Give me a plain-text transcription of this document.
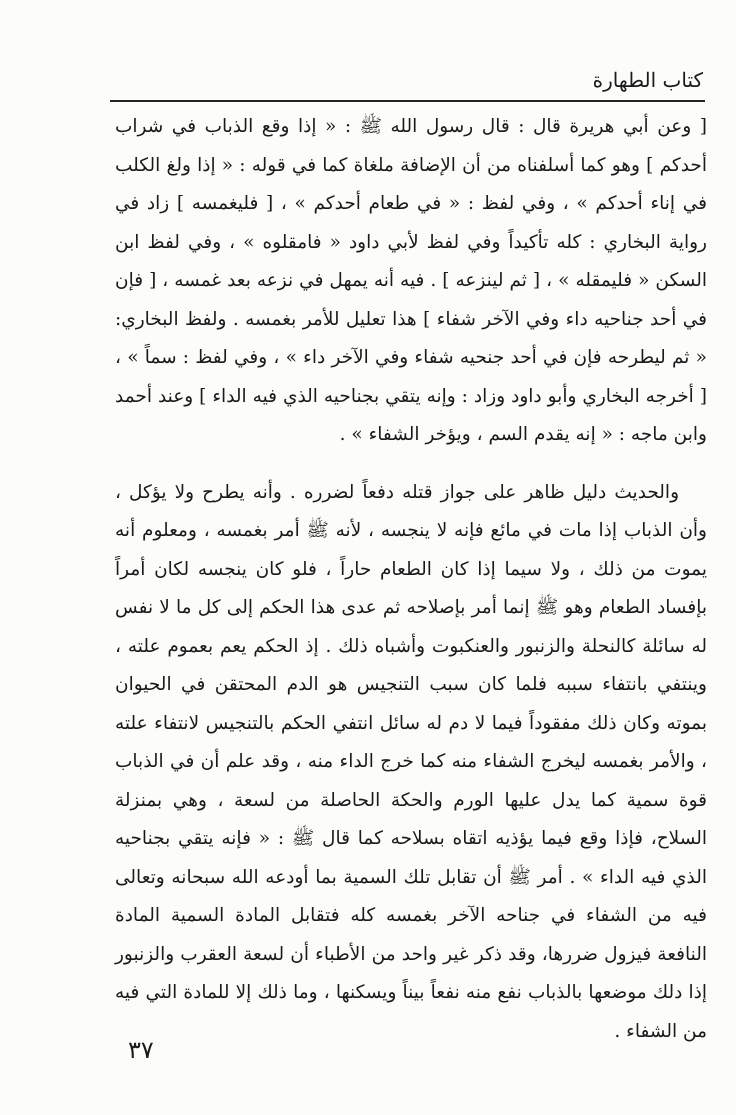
كتاب الطهارة

[ وعن أبي هريرة قال : قال رسول الله ﷺ : « إذا وقع الذباب في شراب أحدكم ] وهو كما أسلفناه من أن الإضافة ملغاة كما في قوله : « إذا ولغ الكلب في إناء أحدكم » ، وفي لفظ : « في طعام أحدكم » ، [ فليغمسه ] زاد في رواية البخاري : كله تأكيداً وفي لفظ لأبي داود « فامقلوه » ، وفي لفظ ابن السكن « فليمقله » ، [ ثم لينزعه ] . فيه أنه يمهل في نزعه بعد غمسه ، [ فإن في أحد جناحيه داء وفي الآخر شفاء ] هذا تعليل للأمر بغمسه . ولفظ البخاري: « ثم ليطرحه فإن في أحد جنحيه شفاء وفي الآخر داء » ، وفي لفظ : سماً » ، [ أخرجه البخاري وأبو داود وزاد : وإنه يتقي بجناحيه الذي فيه الداء ] وعند أحمد وابن ماجه : « إنه يقدم السم ، ويؤخر الشفاء » .

والحديث دليل ظاهر على جواز قتله دفعاً لضرره . وأنه يطرح ولا يؤكل ، وأن الذباب إذا مات في مائع فإنه لا ينجسه ، لأنه ﷺ أمر بغمسه ، ومعلوم أنه يموت من ذلك ، ولا سيما إذا كان الطعام حاراً ، فلو كان ينجسه لكان أمراً بإفساد الطعام وهو ﷺ إنما أمر بإصلاحه ثم عدى هذا الحكم إلى كل ما لا نفس له سائلة كالنحلة والزنبور والعنكبوت وأشباه ذلك . إذ الحكم يعم بعموم علته ، وينتفي بانتفاء سببه فلما كان سبب التنجيس هو الدم المحتقن في الحيوان بموته وكان ذلك مفقوداً فيما لا دم له سائل انتفي الحكم بالتنجيس لانتفاء علته ، والأمر بغمسه ليخرج الشفاء منه كما خرج الداء منه ، وقد علم أن في الذباب قوة سمية كما يدل عليها الورم والحكة الحاصلة من لسعة ، وهي بمنزلة السلاح، فإذا وقع فيما يؤذيه اتقاه بسلاحه كما قال ﷺ : « فإنه يتقي بجناحيه الذي فيه الداء » . أمر ﷺ أن تقابل تلك السمية بما أودعه الله سبحانه وتعالى فيه من الشفاء في جناحه الآخر بغمسه كله فتقابل المادة السمية المادة النافعة فيزول ضررها، وقد ذكر غير واحد من الأطباء أن لسعة العقرب والزنبور إذا دلك موضعها بالذباب نفع منه نفعاً بيناً ويسكنها ، وما ذلك إلا للمادة التي فيه من الشفاء .

٣٧
